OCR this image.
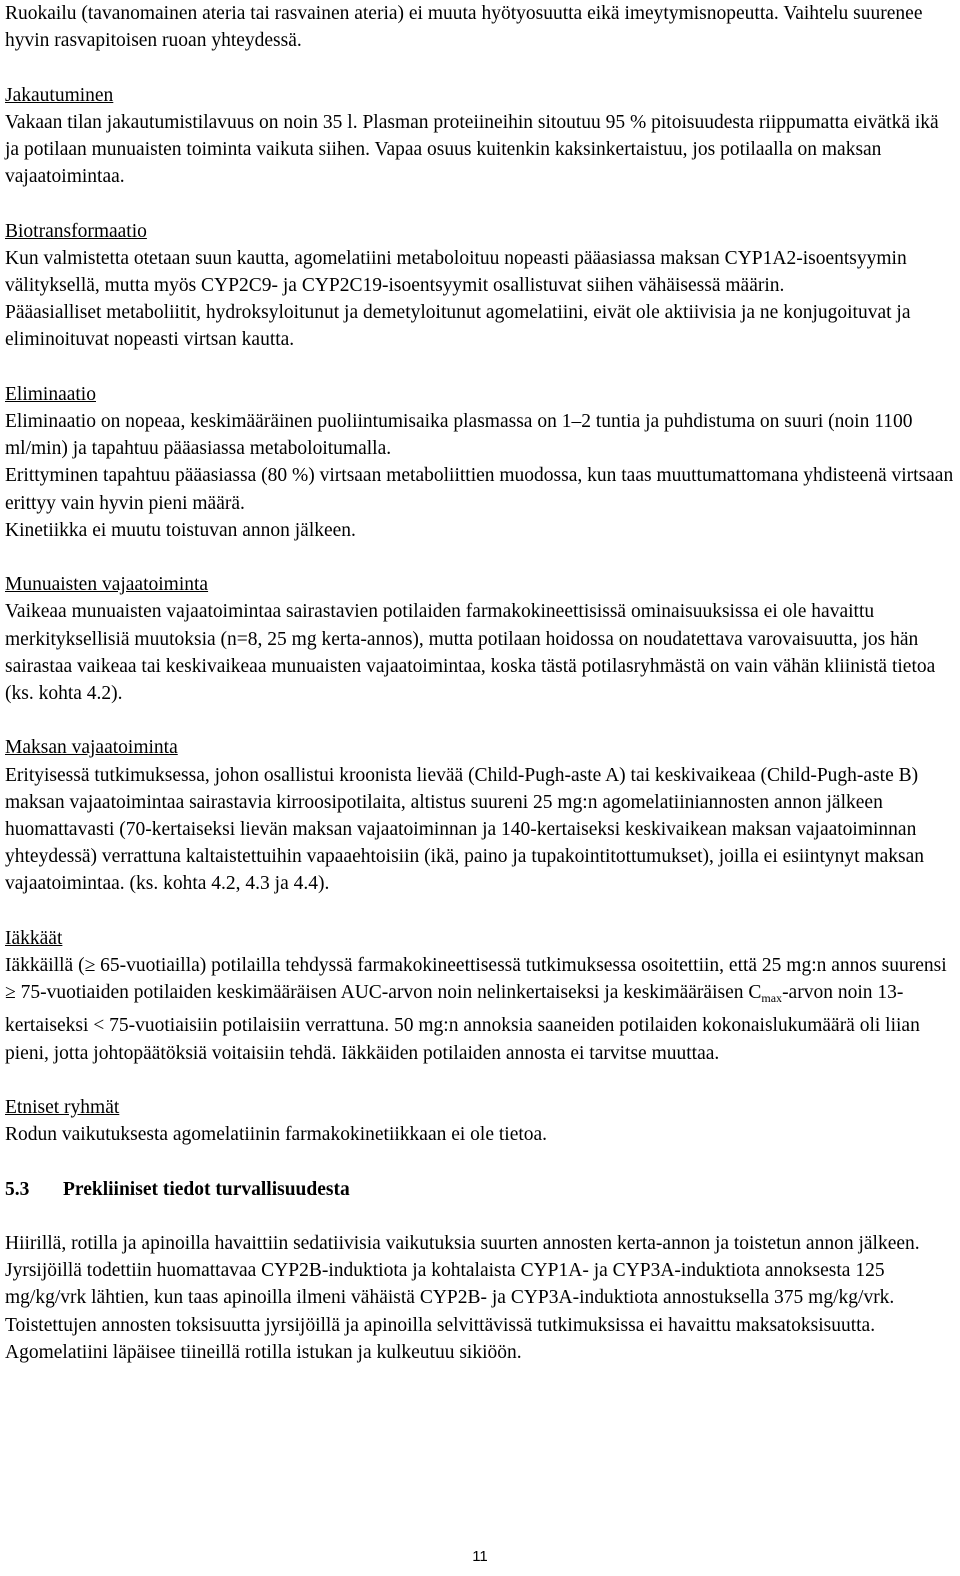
Ruokailu (tavanomainen ateria tai rasvainen ateria) ei muuta hyötyosuutta eikä imeytymisnopeutta. Vaihtelu suurenee hyvin rasvapitoisen ruoan yhteydessä.

Jakautuminen

Vakaan tilan jakautumistilavuus on noin 35 l. Plasman proteiineihin sitoutuu 95 % pitoisuudesta riippumatta eivätkä ikä ja potilaan munuaisten toiminta vaikuta siihen. Vapaa osuus kuitenkin kaksinkertaistuu, jos potilaalla on maksan vajaatoimintaa.

Biotransformaatio

Kun valmistetta otetaan suun kautta, agomelatiini metaboloituu nopeasti pääasiassa maksan CYP1A2-isoentsyymin välityksellä, mutta myös CYP2C9- ja CYP2C19-isoentsyymit osallistuvat siihen vähäisessä määrin.

Pääasialliset metaboliitit, hydroksyloitunut ja demetyloitunut agomelatiini, eivät ole aktiivisia ja ne konjugoituvat ja eliminoituvat nopeasti virtsan kautta.

Eliminaatio

Eliminaatio on nopeaa, keskimääräinen puoliintumisaika plasmassa on 1–2 tuntia ja puhdistuma on suuri (noin 1100 ml/min) ja tapahtuu pääasiassa metaboloitumalla.

Erittyminen tapahtuu pääasiassa (80 %) virtsaan metaboliittien muodossa, kun taas muuttumattomana yhdisteenä virtsaan erittyy vain hyvin pieni määrä.

Kinetiikka ei muutu toistuvan annon jälkeen.

Munuaisten vajaatoiminta

Vaikeaa munuaisten vajaatoimintaa sairastavien potilaiden farmakokineettisissä ominaisuuksissa ei ole havaittu merkityksellisiä muutoksia (n=8, 25 mg kerta-annos), mutta potilaan hoidossa on noudatettava varovaisuutta, jos hän sairastaa vaikeaa tai keskivaikeaa munuaisten vajaatoimintaa, koska tästä potilasryhmästä on vain vähän kliinistä tietoa (ks. kohta 4.2).

Maksan vajaatoiminta

Erityisessä tutkimuksessa, johon osallistui kroonista lievää (Child-Pugh-aste A) tai keskivaikeaa (Child-Pugh-aste B) maksan vajaatoimintaa sairastavia kirroosipotilaita, altistus suureni 25 mg:n agomelatiiniannosten annon jälkeen huomattavasti (70-kertaiseksi lievän maksan vajaatoiminnan ja 140-kertaiseksi keskivaikean maksan vajaatoiminnan yhteydessä) verrattuna kaltaistettuihin vapaaehtoisiin (ikä, paino ja tupakointitottumukset), joilla ei esiintynyt maksan vajaatoimintaa. (ks. kohta 4.2, 4.3 ja 4.4).

Iäkkäät

Iäkkäillä (≥ 65-vuotiailla) potilailla tehdyssä farmakokineettisessä tutkimuksessa osoitettiin, että 25 mg:n annos suurensi ≥ 75-vuotiaiden potilaiden keskimääräisen AUC-arvon noin nelinkertaiseksi ja keskimääräisen $C_{max}$-arvon noin 13-kertaiseksi < 75-vuotiaisiin potilaisiin verrattuna. 50 mg:n annoksia saaneiden potilaiden kokonaislukumäärä oli liian pieni, jotta johtopäätöksiä voitaisiin tehdä. Iäkkäiden potilaiden annosta ei tarvitse muuttaa.

Etniset ryhmät

Rodun vaikutuksesta agomelatiinin farmakokinetiikkaan ei ole tietoa.

5.3	Prekliiniset tiedot turvallisuudesta

Hiirillä, rotilla ja apinoilla havaittiin sedatiivisia vaikutuksia suurten annosten kerta-annon ja toistetun annon jälkeen.

Jyrsijöillä todettiin huomattavaa CYP2B-induktiota ja kohtalaista CYP1A- ja CYP3A-induktiota annoksesta 125 mg/kg/vrk lähtien, kun taas apinoilla ilmeni vähäistä CYP2B- ja CYP3A-induktiota annostuksella 375 mg/kg/vrk. Toistettujen annosten toksisuutta jyrsijöillä ja apinoilla selvittävissä tutkimuksissa ei havaittu maksatoksisuutta.

Agomelatiini läpäisee tiineillä rotilla istukan ja kulkeutuu sikiöön.

11
